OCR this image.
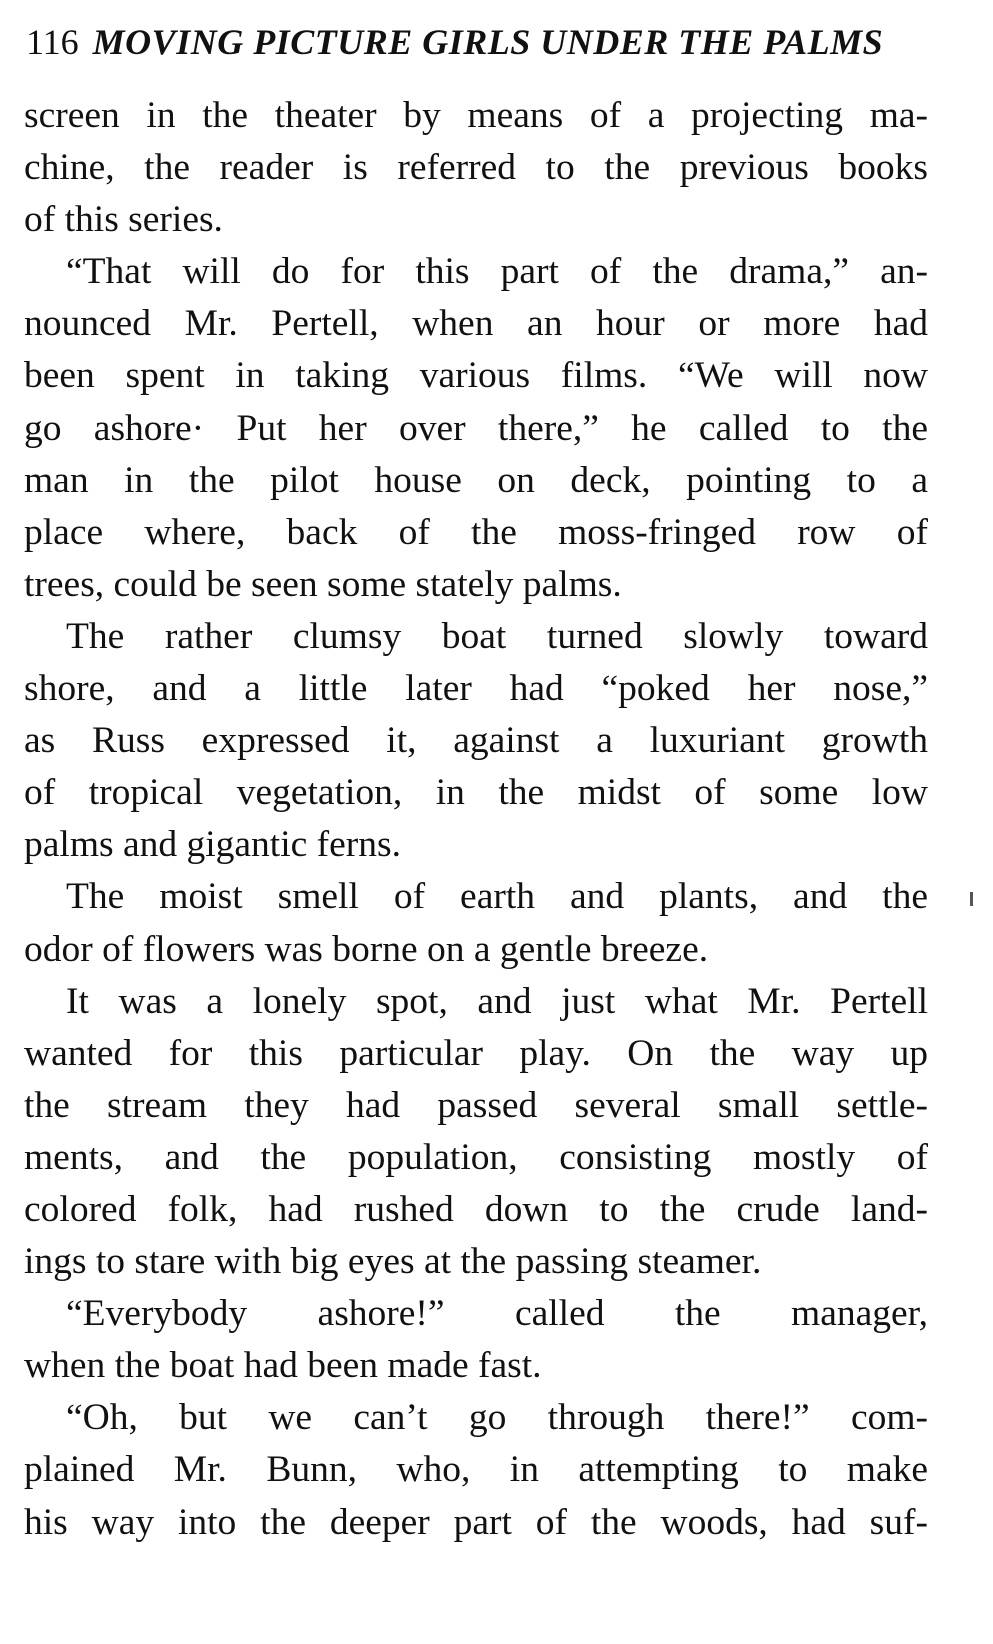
116 MOVING PICTURE GIRLS UNDER THE PALMS
screen in the theater by means of a projecting ma-
chine, the reader is referred to the previous books
of this series.
“That will do for this part of the drama,” an-
nounced Mr. Pertell, when an hour or more had
been spent in taking various films. “We will now
go ashore· Put her over there,” he called to the
man in the pilot house on deck, pointing to a
place where, back of the moss-fringed row of
trees, could be seen some stately palms.
The rather clumsy boat turned slowly toward
shore, and a little later had “poked her nose,”
as Russ expressed it, against a luxuriant growth
of tropical vegetation, in the midst of some low
palms and gigantic ferns.
The moist smell of earth and plants, and the
odor of flowers was borne on a gentle breeze.
It was a lonely spot, and just what Mr. Pertell
wanted for this particular play. On the way up
the stream they had passed several small settle-
ments, and the population, consisting mostly of
colored folk, had rushed down to the crude land-
ings to stare with big eyes at the passing steamer.
“Everybody ashore!” called the manager,
when the boat had been made fast.
“Oh, but we can’t go through there!” com-
plained Mr. Bunn, who, in attempting to make
his way into the deeper part of the woods, had suf-
